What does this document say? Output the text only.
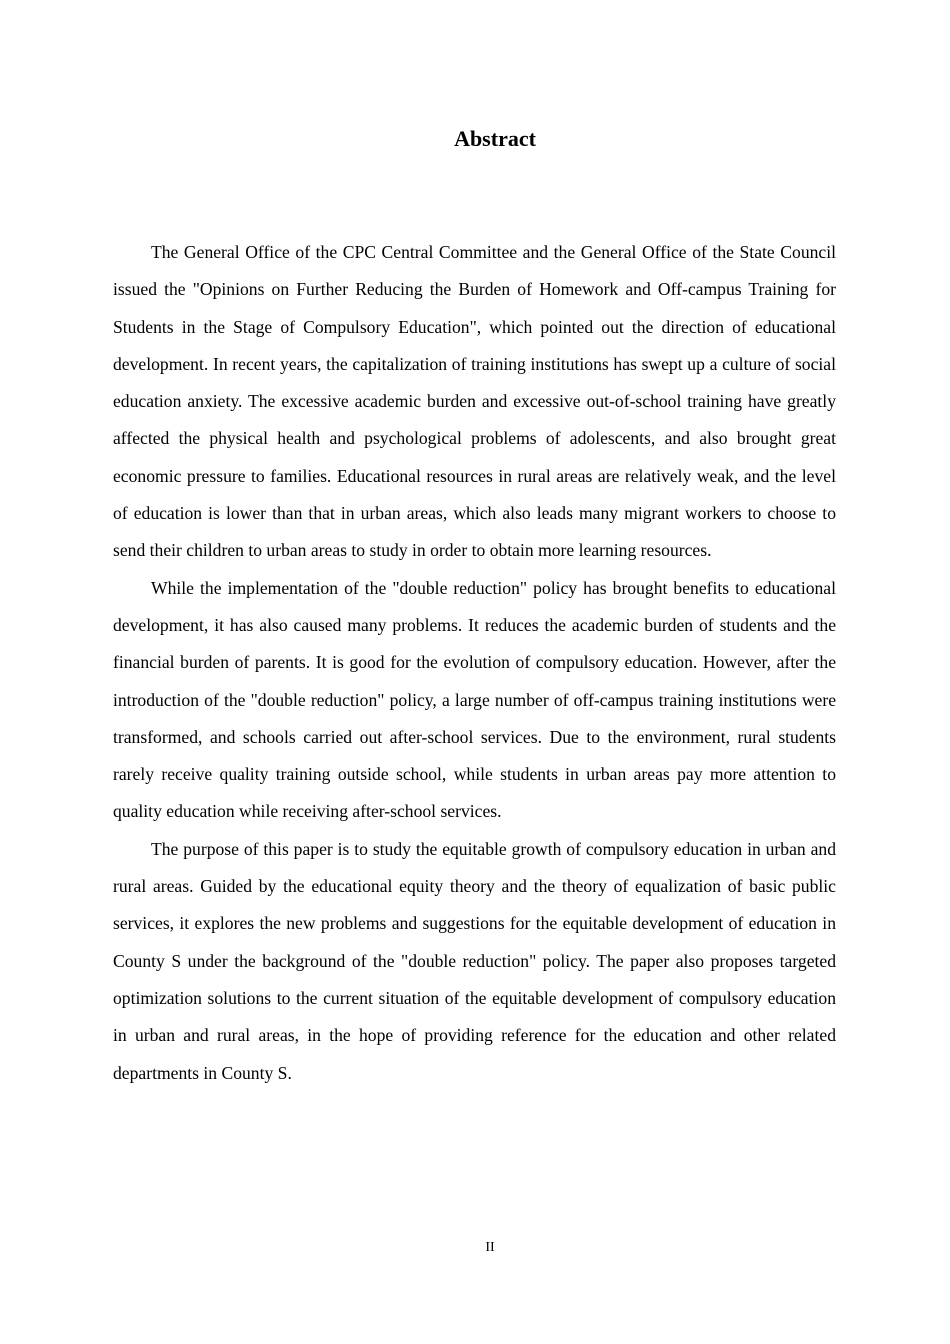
Abstract

The General Office of the CPC Central Committee and the General Office of the State Council issued the "Opinions on Further Reducing the Burden of Homework and Off-campus Training for Students in the Stage of Compulsory Education", which pointed out the direction of educational development. In recent years, the capitalization of training institutions has swept up a culture of social education anxiety. The excessive academic burden and excessive out-of-school training have greatly affected the physical health and psychological problems of adolescents, and also brought great economic pressure to families. Educational resources in rural areas are relatively weak, and the level of education is lower than that in urban areas, which also leads many migrant workers to choose to send their children to urban areas to study in order to obtain more learning resources.

While the implementation of the "double reduction" policy has brought benefits to educational development, it has also caused many problems. It reduces the academic burden of students and the financial burden of parents. It is good for the evolution of compulsory education. However, after the introduction of the "double reduction" policy, a large number of off-campus training institutions were transformed, and schools carried out after-school services. Due to the environment, rural students rarely receive quality training outside school, while students in urban areas pay more attention to quality education while receiving after-school services.

The purpose of this paper is to study the equitable growth of compulsory education in urban and rural areas. Guided by the educational equity theory and the theory of equalization of basic public services, it explores the new problems and suggestions for the equitable development of education in County S under the background of the "double reduction" policy. The paper also proposes targeted optimization solutions to the current situation of the equitable development of compulsory education in urban and rural areas, in the hope of providing reference for the education and other related departments in County S.

II
